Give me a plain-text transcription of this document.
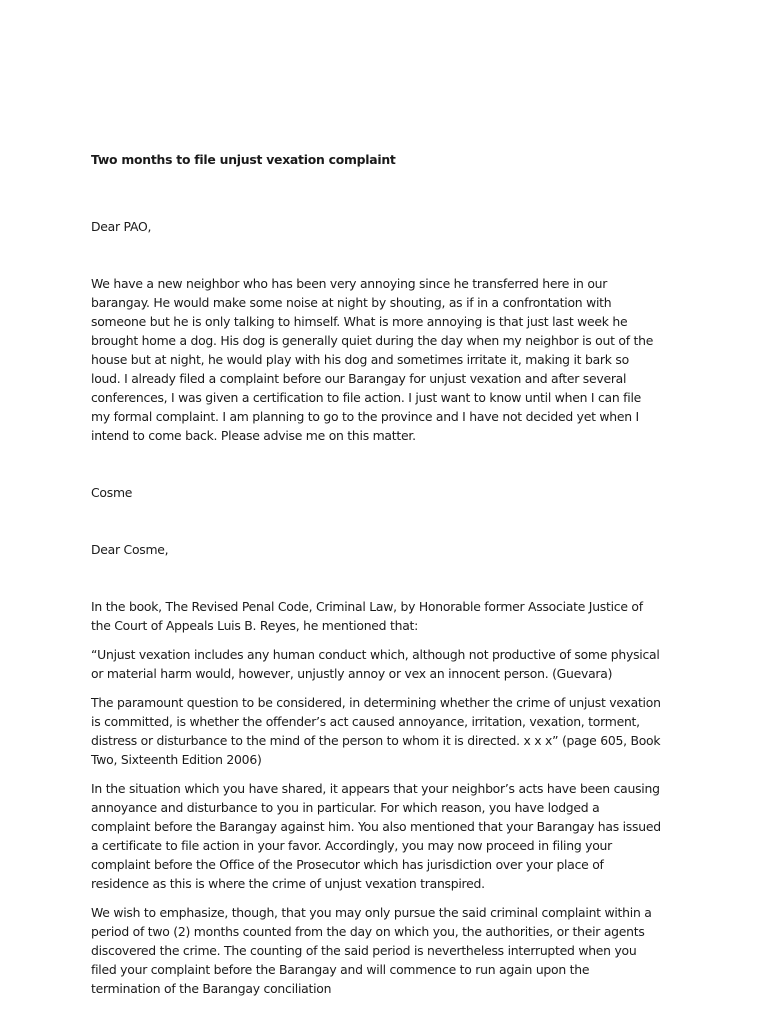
Two months to file unjust vexation complaint

Dear PAO,

We have a new neighbor who has been very annoying since he transferred here in our barangay. He would make some noise at night by shouting, as if in a confrontation with someone but he is only talking to himself. What is more annoying is that just last week he brought home a dog. His dog is generally quiet during the day when my neighbor is out of the house but at night, he would play with his dog and sometimes irritate it, making it bark so loud. I already filed a complaint before our Barangay for unjust vexation and after several conferences, I was given a certification to file action. I just want to know until when I can file my formal complaint. I am planning to go to the province and I have not decided yet when I intend to come back. Please advise me on this matter.

Cosme

Dear Cosme,

In the book, The Revised Penal Code, Criminal Law, by Honorable former Associate Justice of the Court of Appeals Luis B. Reyes, he mentioned that:

“Unjust vexation includes any human conduct which, although not productive of some physical or material harm would, however, unjustly annoy or vex an innocent person. (Guevara)

The paramount question to be considered, in determining whether the crime of unjust vexation is committed, is whether the offender’s act caused annoyance, irritation, vexation, torment, distress or disturbance to the mind of the person to whom it is directed. x x x” (page 605, Book Two, Sixteenth Edition 2006)

In the situation which you have shared, it appears that your neighbor’s acts have been causing annoyance and disturbance to you in particular. For which reason, you have lodged a complaint before the Barangay against him. You also mentioned that your Barangay has issued a certificate to file action in your favor. Accordingly, you may now proceed in filing your complaint before the Office of the Prosecutor which has jurisdiction over your place of residence as this is where the crime of unjust vexation transpired.

We wish to emphasize, though, that you may only pursue the said criminal complaint within a period of two (2) months counted from the day on which you, the authorities, or their agents discovered the crime. The counting of the said period is nevertheless interrupted when you filed your complaint before the Barangay and will commence to run again upon the termination of the Barangay conciliation
